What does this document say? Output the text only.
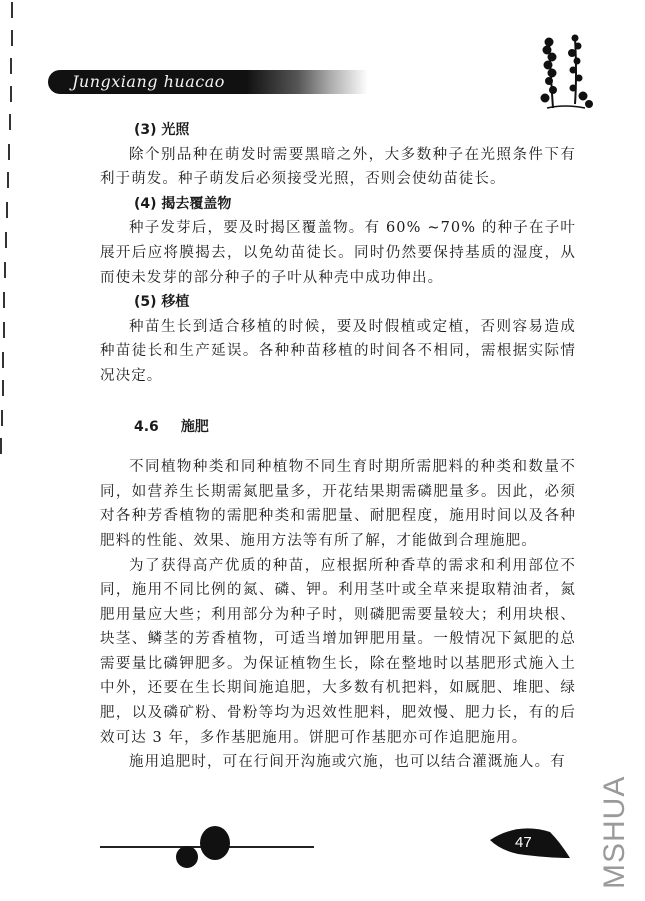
Jungxiang huacao

(3) 光照

除个别品种在萌发时需要黑暗之外，大多数种子在光照条件下有利于萌发。种子萌发后必须接受光照，否则会使幼苗徒长。

(4) 揭去覆盖物

种子发芽后，要及时揭区覆盖物。有 60% ~70% 的种子在子叶展开后应将膜揭去，以免幼苗徒长。同时仍然要保持基质的湿度，从而使未发芽的部分种子的子叶从种壳中成功伸出。

(5) 移植

种苗生长到适合移植的时候，要及时假植或定植，否则容易造成种苗徒长和生产延误。各种种苗移植的时间各不相同，需根据实际情况决定。

4.6 施肥

不同植物种类和同种植物不同生育时期所需肥料的种类和数量不同，如营养生长期需氮肥量多，开花结果期需磷肥量多。因此，必须对各种芳香植物的需肥种类和需肥量、耐肥程度，施用时间以及各种肥料的性能、效果、施用方法等有所了解，才能做到合理施肥。

为了获得高产优质的种苗，应根据所种香草的需求和利用部位不同，施用不同比例的氮、磷、钾。利用茎叶或全草来提取精油者，氮肥用量应大些；利用部分为种子时，则磷肥需要量较大；利用块根、块茎、鳞茎的芳香植物，可适当增加钾肥用量。一般情况下氮肥的总需要量比磷钾肥多。为保证植物生长，除在整地时以基肥形式施入土中外，还要在生长期间施追肥，大多数有机把料，如厩肥、堆肥、绿肥，以及磷矿粉、骨粉等均为迟效性肥料，肥效慢、肥力长，有的后效可达 3 年，多作基肥施用。饼肥可作基肥亦可作追肥施用。

施用追肥时，可在行间开沟施或穴施，也可以结合灌溉施人。有

47 MSHUA
